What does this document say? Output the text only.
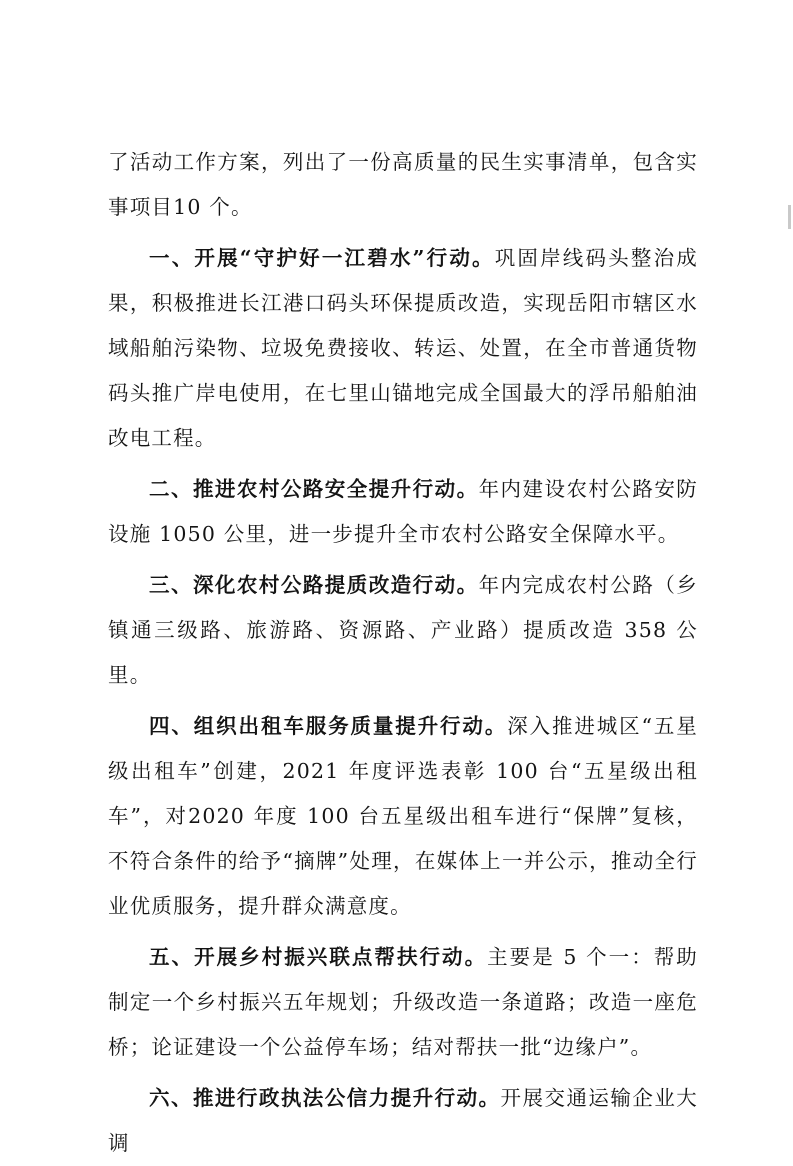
了活动工作方案，列出了一份高质量的民生实事清单，包含实事项目10 个。

一、开展“守护好一江碧水”行动。巩固岸线码头整治成果，积极推进长江港口码头环保提质改造，实现岳阳市辖区水域船舶污染物、垃圾免费接收、转运、处置，在全市普通货物码头推广岸电使用，在七里山锚地完成全国最大的浮吊船舶油改电工程。

二、推进农村公路安全提升行动。年内建设农村公路安防设施 1050 公里，进一步提升全市农村公路安全保障水平。

三、深化农村公路提质改造行动。年内完成农村公路（乡镇通三级路、旅游路、资源路、产业路）提质改造 358 公里。

四、组织出租车服务质量提升行动。深入推进城区“五星级出租车”创建，2021 年度评选表彰 100 台“五星级出租车”，对2020 年度 100 台五星级出租车进行“保牌”复核，不符合条件的给予“摘牌”处理，在媒体上一并公示，推动全行业优质服务，提升群众满意度。

五、开展乡村振兴联点帮扶行动。主要是 5 个一：帮助制定一个乡村振兴五年规划；升级改造一条道路；改造一座危桥；论证建设一个公益停车场；结对帮扶一批“边缘户”。

六、推进行政执法公信力提升行动。开展交通运输企业大调
